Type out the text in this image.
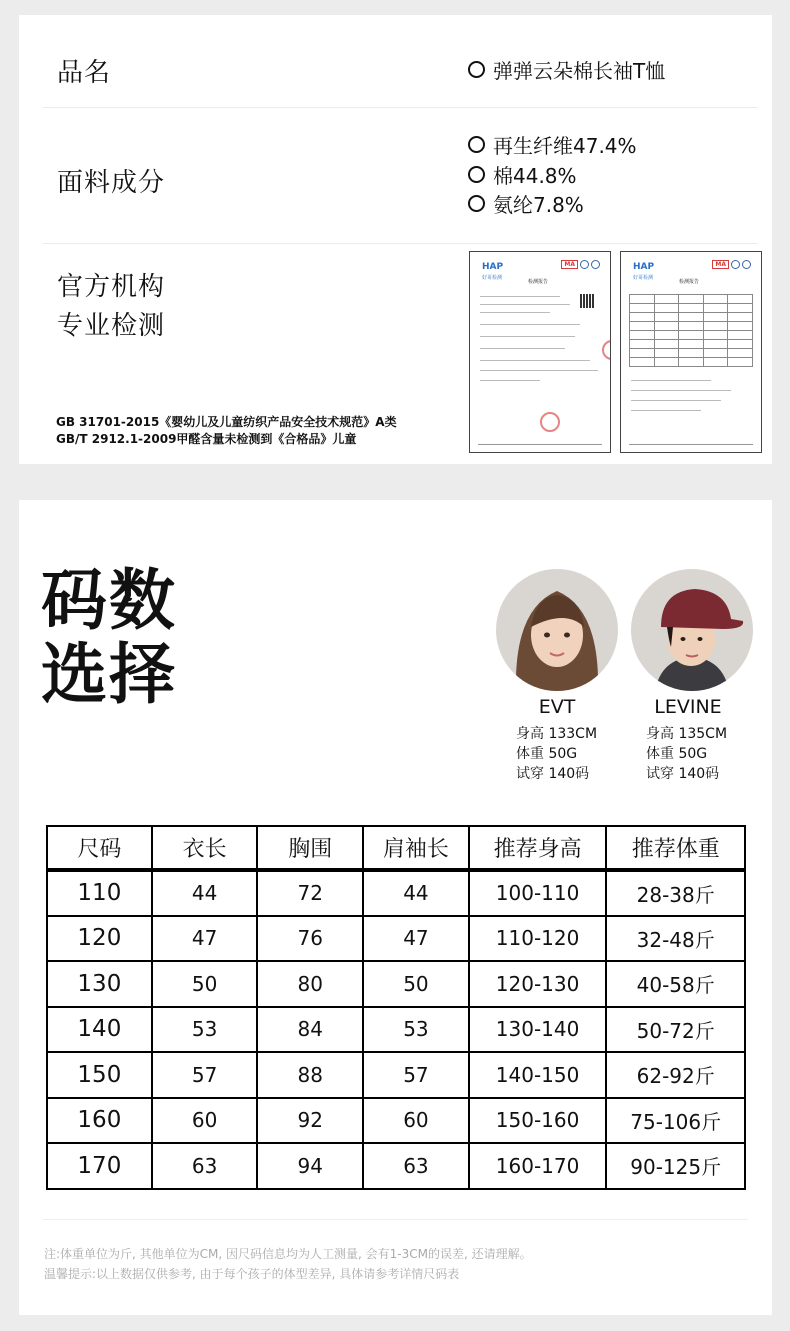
品名	弹弹云朵棉长袖T恤
面料成分
再生纤维47.4%
棉44.8%
氨纶7.8%
官方机构
专业检测
GB 31701-2015《婴幼儿及儿童纺织产品安全技术规范》A类
GB/T 2912.1-2009甲醛含量未检测到《合格品》儿童
HAP
好哥检测
检测报告
MA	HAP
好哥检测
检测报告
MA

码数
选择	EVT	LEVINE
身高 133CM
体重 50G
试穿 140码
身高 135CM
体重 50G
试穿 140码
尺码	衣长	胸围	肩袖长	推荐身高	推荐体重
110	44	72	44	100-110	28-38斤
120	47	76	47	110-120	32-48斤
130	50	80	50	120-130	40-58斤
140	53	84	53	130-140	50-72斤
150	57	88	57	140-150	62-92斤
160	60	92	60	150-160	75-106斤
170	63	94	63	160-170	90-125斤
注:体重单位为斤, 其他单位为CM, 因尺码信息均为人工测量, 会有1-3CM的误差, 还请理解。
温馨提示:以上数据仅供参考, 由于每个孩子的体型差异, 具体请参考详情尺码表
